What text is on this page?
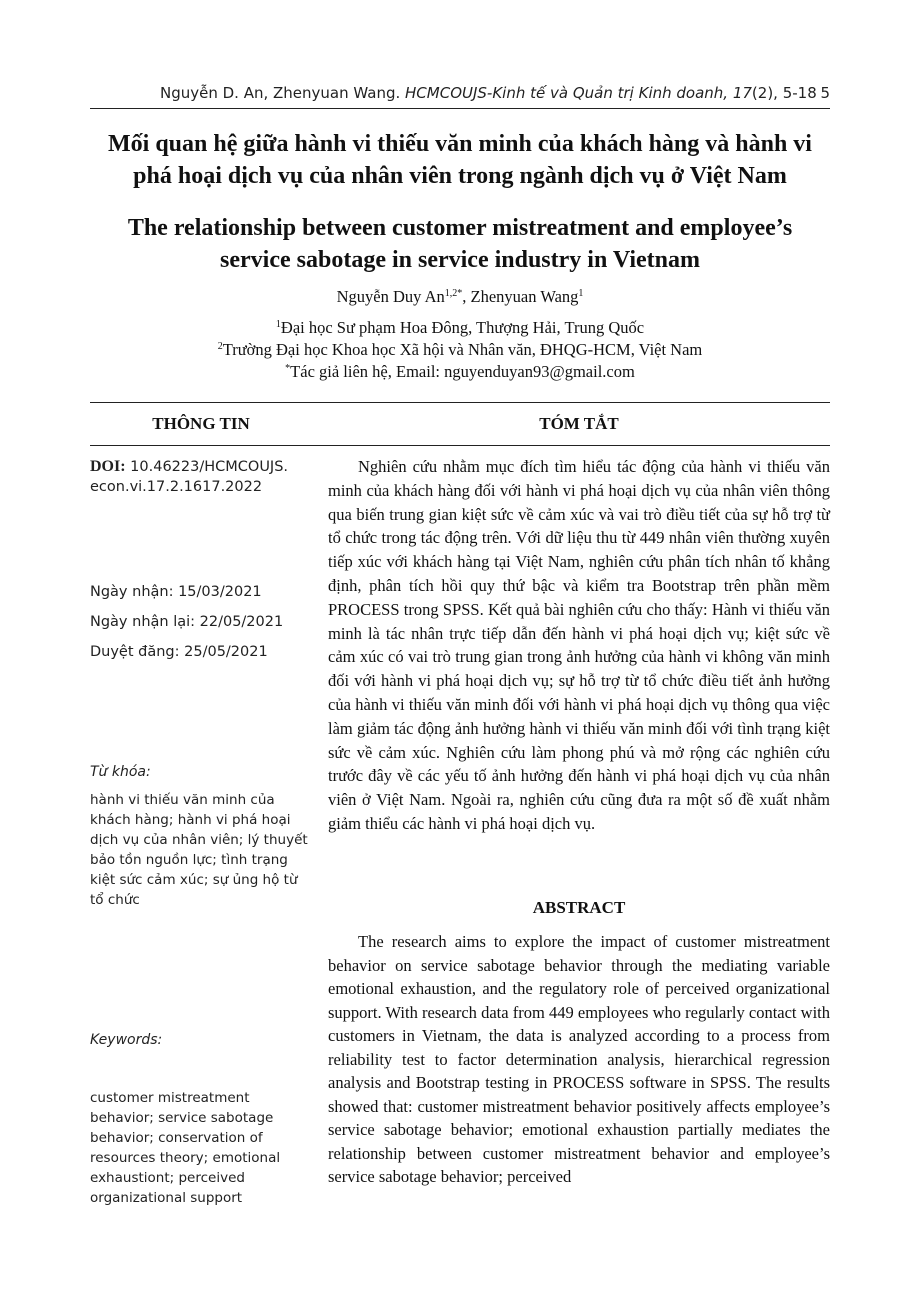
Nguyễn D. An, Zhenyuan Wang. HCMCOUJS-Kinh tế và Quản trị Kinh doanh, 17(2), 5-18 5
Mối quan hệ giữa hành vi thiếu văn minh của khách hàng và hành vi phá hoại dịch vụ của nhân viên trong ngành dịch vụ ở Việt Nam
The relationship between customer mistreatment and employee’s service sabotage in service industry in Vietnam
Nguyễn Duy $An^{1,2*}$, Zhenyuan Wang$^1$
$^1$Đại học Sư phạm Hoa Đông, Thượng Hải, Trung Quốc
$^2$Trường Đại học Khoa học Xã hội và Nhân văn, ĐHQG-HCM, Việt Nam
*Tác giả liên hệ, Email: nguyenduyan93@gmail.com
THÔNG TIN	TÓM TẮT
DOI: 10.46223/HCMCOUJS. econ.vi.17.2.1617.2022
Ngày nhận: 15/03/2021
Ngày nhận lại: 22/05/2021
Duyệt đăng: 25/05/2021
Từ khóa:
hành vi thiếu văn minh của khách hàng; hành vi phá hoại dịch vụ của nhân viên; lý thuyết bảo tồn nguồn lực; tình trạng kiệt sức cảm xúc; sự ủng hộ từ tổ chức
Keywords:
customer mistreatment behavior; service sabotage behavior; conservation of resources theory; emotional exhaustiont; perceived organizational support
Nghiên cứu nhằm mục đích tìm hiểu tác động của hành vi thiếu văn minh của khách hàng đối với hành vi phá hoại dịch vụ của nhân viên thông qua biến trung gian kiệt sức về cảm xúc và vai trò điều tiết của sự hỗ trợ từ tổ chức trong tác động trên. Với dữ liệu thu từ 449 nhân viên thường xuyên tiếp xúc với khách hàng tại Việt Nam, nghiên cứu phân tích nhân tố khẳng định, phân tích hồi quy thứ bậc và kiểm tra Bootstrap trên phần mềm PROCESS trong SPSS. Kết quả bài nghiên cứu cho thấy: Hành vi thiếu văn minh là tác nhân trực tiếp dẫn đến hành vi phá hoại dịch vụ; kiệt sức về cảm xúc có vai trò trung gian trong ảnh hưởng của hành vi không văn minh đối với hành vi phá hoại dịch vụ; sự hỗ trợ từ tổ chức điều tiết ảnh hưởng của hành vi thiếu văn minh đối với hành vi phá hoại dịch vụ thông qua việc làm giảm tác động ảnh hưởng hành vi thiếu văn minh đối với tình trạng kiệt sức về cảm xúc. Nghiên cứu làm phong phú và mở rộng các nghiên cứu trước đây về các yếu tố ảnh hưởng đến hành vi phá hoại dịch vụ của nhân viên ở Việt Nam. Ngoài ra, nghiên cứu cũng đưa ra một số đề xuất nhằm giảm thiểu các hành vi phá hoại dịch vụ.
ABSTRACT
The research aims to explore the impact of customer mistreatment behavior on service sabotage behavior through the mediating variable emotional exhaustion, and the regulatory role of perceived organizational support. With research data from 449 employees who regularly contact with customers in Vietnam, the data is analyzed according to a process from reliability test to factor determination analysis, hierarchical regression analysis and Bootstrap testing in PROCESS software in SPSS. The results showed that: customer mistreatment behavior positively affects employee’s service sabotage behavior; emotional exhaustion partially mediates the relationship between customer mistreatment behavior and employee’s service sabotage behavior; perceived
